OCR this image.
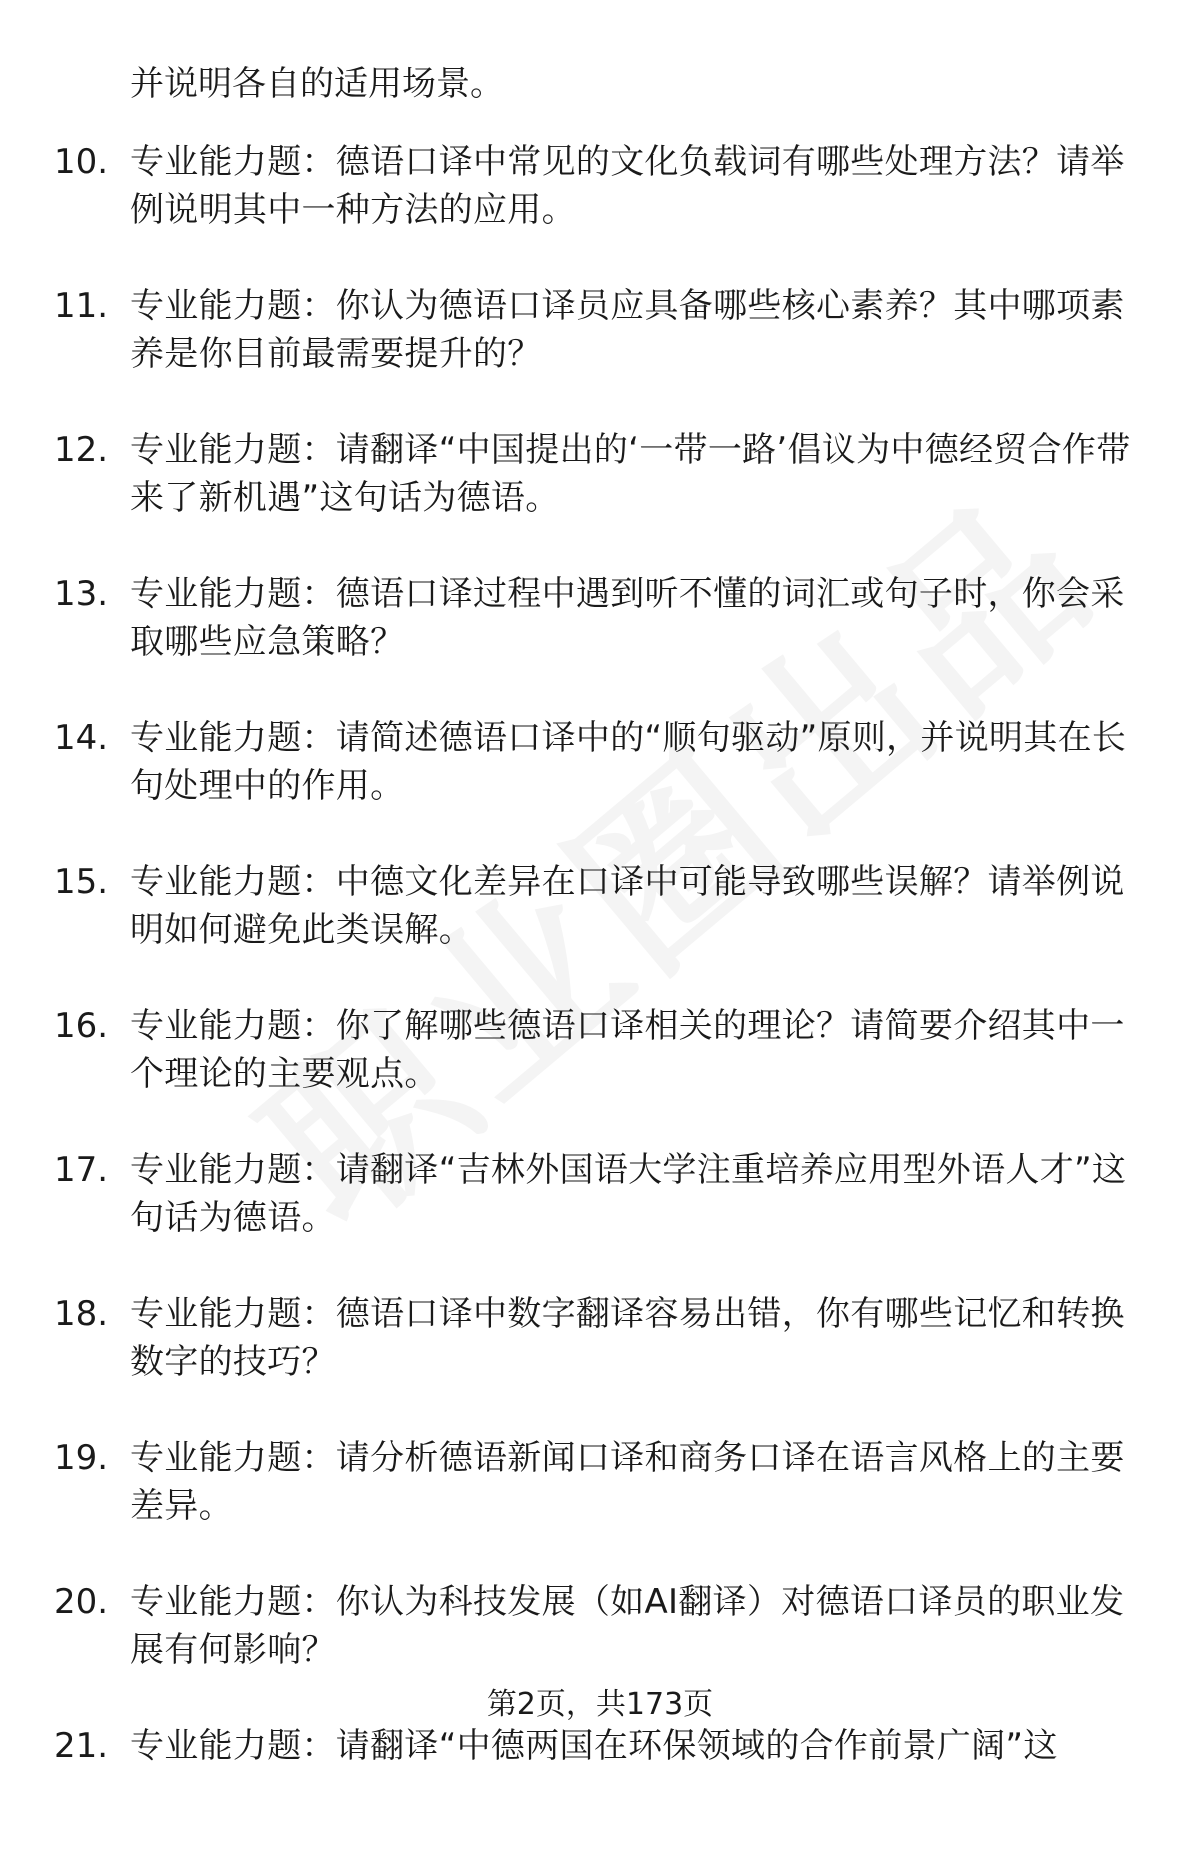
并说明各自的适用场景。
10. 专业能力题：德语口译中常见的文化负载词有哪些处理方法？请举例说明其中一种方法的应用。
11. 专业能力题：你认为德语口译员应具备哪些核心素养？其中哪项素养是你目前最需要提升的？
12. 专业能力题：请翻译“中国提出的‘一带一路’倡议为中德经贸合作带来了新机遇”这句话为德语。
13. 专业能力题：德语口译过程中遇到听不懂的词汇或句子时，你会采取哪些应急策略？
14. 专业能力题：请简述德语口译中的“顺句驱动”原则，并说明其在长句处理中的作用。
15. 专业能力题：中德文化差异在口译中可能导致哪些误解？请举例说明如何避免此类误解。
16. 专业能力题：你了解哪些德语口译相关的理论？请简要介绍其中一个理论的主要观点。
17. 专业能力题：请翻译“吉林外国语大学注重培养应用型外语人才”这句话为德语。
18. 专业能力题：德语口译中数字翻译容易出错，你有哪些记忆和转换数字的技巧？
19. 专业能力题：请分析德语新闻口译和商务口译在语言风格上的主要差异。
20. 专业能力题：你认为科技发展（如AI翻译）对德语口译员的职业发展有何影响？
21. 专业能力题：请翻译“中德两国在环保领域的合作前景广阔”这
第2页，共173页
